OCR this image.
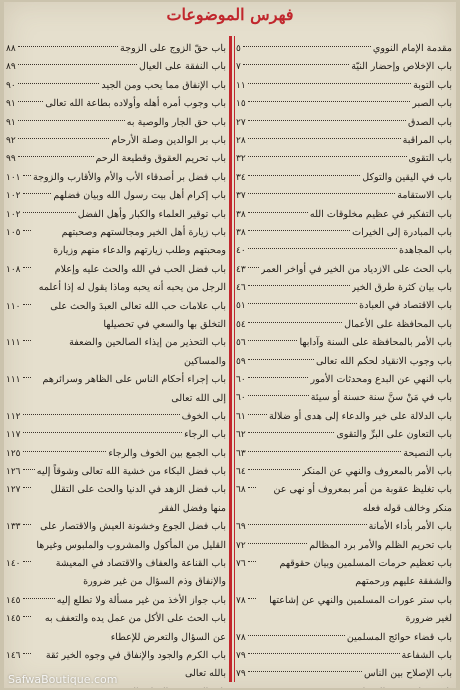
فهرس الموضوعات
مقدمة الإمام النووي
٥
باب الإخلاص وإحضار النيّة
٧
باب التوبة
١١
باب الصبر
١٥
باب الصدق
٢٧
باب المراقبة
٢٨
باب التقوى
٣٢
باب في اليقين والتوكل
٣٤
باب الاستقامة
٣٧
باب التفكير في عظيم مخلوقات الله
٣٨
باب المبادرة إلى الخيرات
٣٨
باب المجاهدة
٤٠
باب الحث على الازدياد من الخير في أواخر العمر
٤٣
باب بيان كثرة طرق الخير
٤٦
باب الاقتصاد في العبادة
٥١
باب المحافظة على الأعمال
٥٤
باب الأمر بالمحافظة على السنة وآدابها
٥٦
باب وجوب الانقياد لحكم الله تعالى
٥٩
باب النهي عن البدع ومحدثات الأمور
٦٠
باب في مَنْ سنَّ سنة حسنة أو سيئة
٦٠
باب الدلالة على خير والدعاء إلى هدى أو ضلالة
٦١
باب التعاون على البرِّ والتقوى
٦٢
باب النصيحة
٦٣
باب الأمر بالمعروف والنهي عن المنكر
٦٤
باب تغليظ عقوبة من أمر بمعروف أو نهى عن منكر وخالف قوله فعله
٦٨
باب الأمر بأداء الأمانة
٦٩
باب تحريم الظلم والأمر برد المظالم
٧٢
باب تعظيم حرمات المسلمين وبيان حقوقهم والشفقة عليهم ورحمتهم
٧٦
باب ستر عورات المسلمين والنهي عن إشاعتها لغير ضرورة
٧٨
باب قضاء حوائج المسلمين
٧٨
باب الشفاعة
٧٩
باب الإصلاح بين الناس
٧٩
باب حقّ الزوج على الزوجة
٨٨
باب النفقة على العيال
٨٩
باب الإنفاق مما يحب ومن الجيد
٩٠
باب وجوب أمره أهله وأولاده بطاعة الله تعالى
٩١
باب حق الجار والوصية به
٩١
باب بر الوالدين وصلة الأرحام
٩٢
باب تحريم العقوق وقطيعة الرحم
٩٩
باب فضل بر أصدقاء الأب والأم والأقارب والزوجة
١٠١
باب إكرام أهل بيت رسول الله وبيان فضلهم
١٠٢
باب توقير العلماء والكبار وأهل الفضل
١٠٢
باب زيارة أهل الخير ومجالستهم وصحبتهم ومحبتهم وطلب زيارتهم والدعاء منهم وزيارة
١٠٥
باب فضل الحب في الله والحث عليه وإعلام الرجل من يحبه أنه يحبه وماذا يقول له إذا أعلمه
١٠٨
باب علامات حب الله تعالى العبدَ والحث على التخلق بها والسعي في تحصيلها
١١٠
باب التحذير من إيذاء الصالحين والضعفة والمساكين
١١١
باب إجراء أحكام الناس على الظاهر وسرائرهم إلى الله تعالى
١١١
باب الخوف
١١٢
باب الرجاء
١١٧
باب الجمع بين الخوف والرجاء
١٢٥
باب فضل البكاء من خشية الله تعالى وشوقاً إليه
١٢٦
باب فضل الزهد في الدنيا والحث على التقلل منها وفضل الفقر
١٢٧
باب فضل الجوع وخشونة العيش والاقتصار على القليل من المأكول والمشروب والملبوس وغيرها
١٣٣
باب القناعة والعفاف والاقتصاد في المعيشة والإنفاق وذم السؤال من غير ضرورة
١٤٠
باب جواز الأخذ من غير مسألة ولا تطلع إليه
١٤٥
باب الحث على الأكل من عمل يده والتعفف به عن السؤال والتعرض للإعطاء
١٤٥
باب الكرم والجود والإنفاق في وجوه الخير ثقة بالله تعالى
١٤٦
SafwaBoutique.com
